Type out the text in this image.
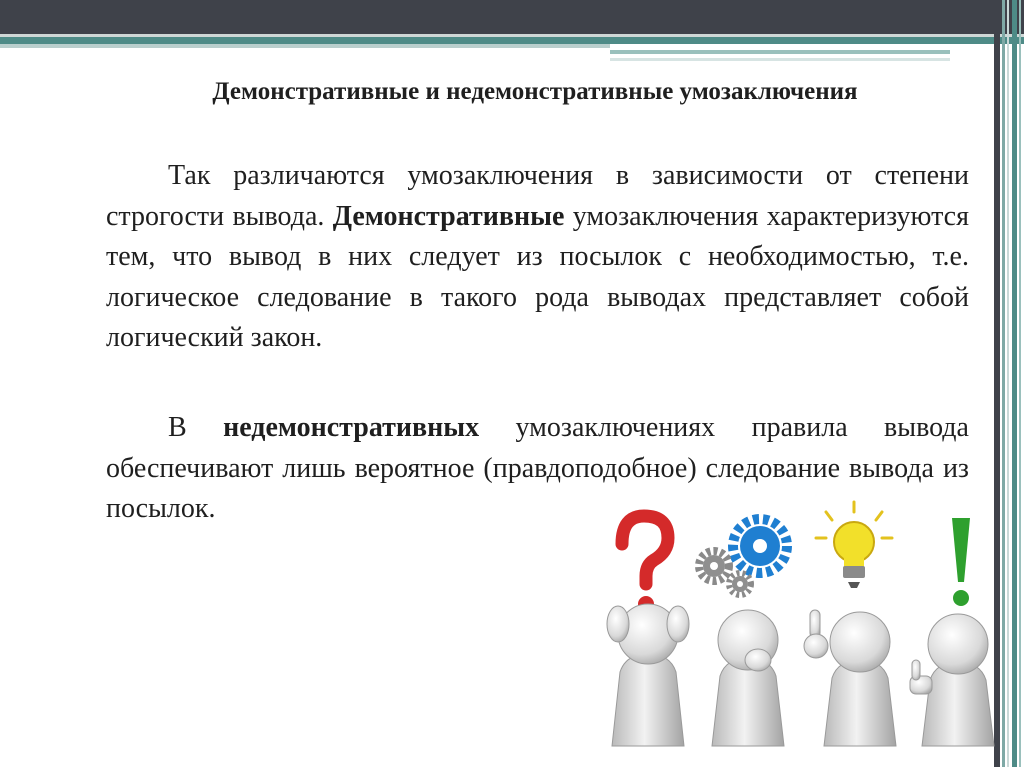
Демонстративные и недемонстративные умозаключения
Так различаются умозаключения в зависимости от степени строгости вывода. Демонстративные умозаключения характеризуются тем, что вывод в них следует из посылок с необходимостью, т.е. логическое следование в такого рода выводах представляет собой логический закон.
В недемонстративных умозаключениях правила вывода обеспечивают лишь вероятное (правдоподобное) следование вывода из посылок.
